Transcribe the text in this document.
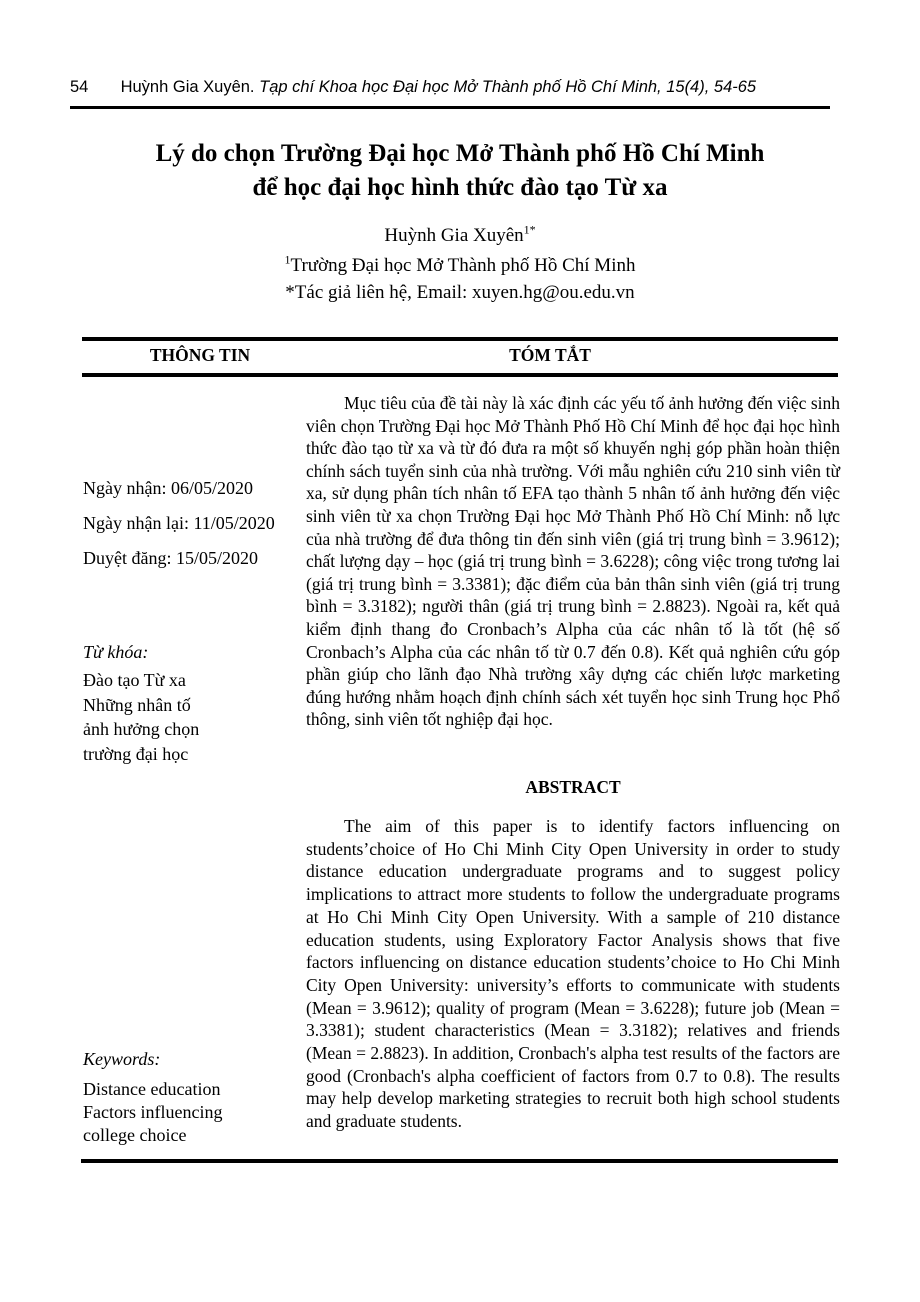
54 Huỳnh Gia Xuyên. Tạp chí Khoa học Đại học Mở Thành phố Hồ Chí Minh, 15(4), 54-65
Lý do chọn Trường Đại học Mở Thành phố Hồ Chí Minh
để học đại học hình thức đào tạo Từ xa
Huỳnh Gia Xuyên$^{1*}$
$^1$Trường Đại học Mở Thành phố Hồ Chí Minh
*Tác giả liên hệ, Email: xuyen.hg@ou.edu.vn
THÔNG TIN	TÓM TẮT
Ngày nhận: 06/05/2020
Ngày nhận lại: 11/05/2020
Duyệt đăng: 15/05/2020
Từ khóa:
Đào tạo Từ xa
Những nhân tố
ảnh hưởng chọn
trường đại học
Keywords:
Distance education
Factors influencing
college choice

Mục tiêu của đề tài này là xác định các yếu tố ảnh hưởng đến việc sinh viên chọn Trường Đại học Mở Thành Phố Hồ Chí Minh để học đại học hình thức đào tạo từ xa và từ đó đưa ra một số khuyến nghị góp phần hoàn thiện chính sách tuyển sinh của nhà trường. Với mẫu nghiên cứu 210 sinh viên từ xa, sử dụng phân tích nhân tố EFA tạo thành 5 nhân tố ảnh hưởng đến việc sinh viên từ xa chọn Trường Đại học Mở Thành Phố Hồ Chí Minh: nỗ lực của nhà trường để đưa thông tin đến sinh viên (giá trị trung bình = 3.9612); chất lượng dạy – học (giá trị trung bình = 3.6228); công việc trong tương lai (giá trị trung bình = 3.3381); đặc điểm của bản thân sinh viên (giá trị trung bình = 3.3182); người thân (giá trị trung bình = 2.8823). Ngoài ra, kết quả kiểm định thang đo Cronbach’s Alpha của các nhân tố là tốt (hệ số Cronbach’s Alpha của các nhân tố từ 0.7 đến 0.8). Kết quả nghiên cứu góp phần giúp cho lãnh đạo Nhà trường xây dựng các chiến lược marketing đúng hướng nhằm hoạch định chính sách xét tuyển học sinh Trung học Phổ thông, sinh viên tốt nghiệp đại học.

ABSTRACT

The aim of this paper is to identify factors influencing on students’choice of Ho Chi Minh City Open University in order to study distance education undergraduate programs and to suggest policy implications to attract more students to follow the undergraduate programs at Ho Chi Minh City Open University. With a sample of 210 distance education students, using Exploratory Factor Analysis shows that five factors influencing on distance education students’choice to Ho Chi Minh City Open University: university’s efforts to communicate with students (Mean = 3.9612); quality of program (Mean = 3.6228); future job (Mean = 3.3381); student characteristics (Mean = 3.3182); relatives and friends (Mean = 2.8823). In addition, Cronbach's alpha test results of the factors are good (Cronbach's alpha coefficient of factors from 0.7 to 0.8). The results may help develop marketing strategies to recruit both high school students and graduate students.
